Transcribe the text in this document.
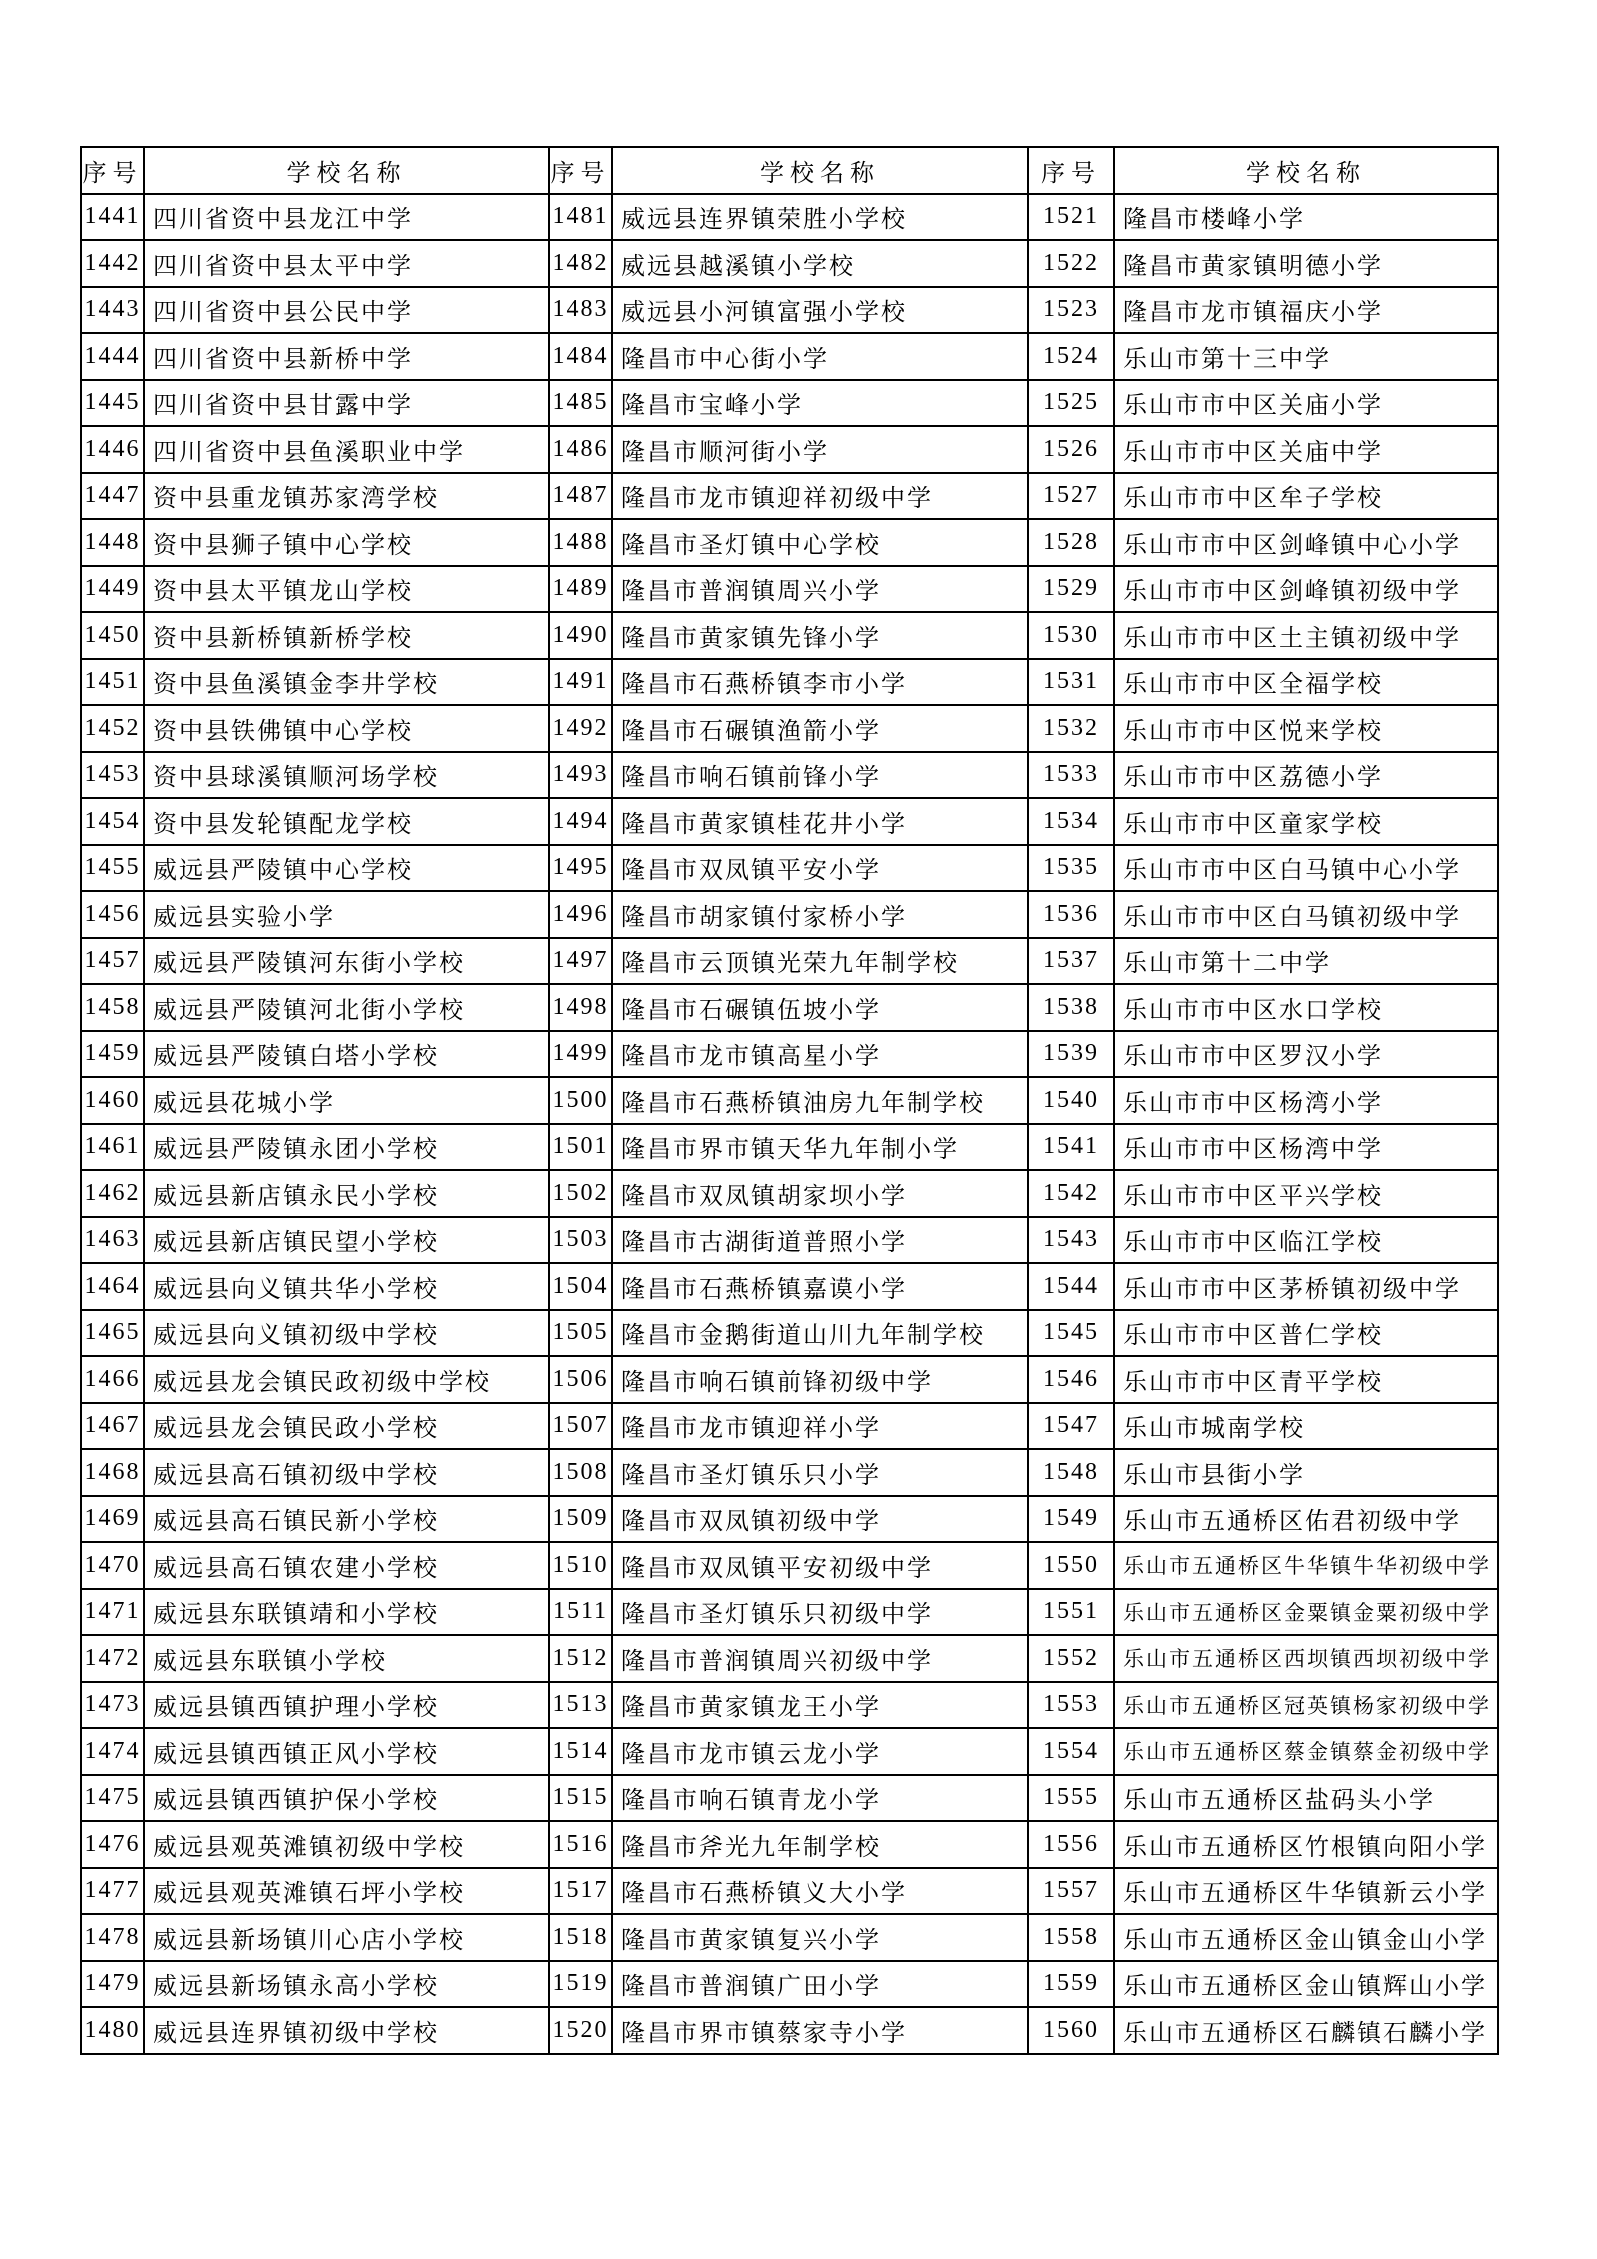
序号	学校名称	序号	学校名称	序号	学校名称
1441	四川省资中县龙江中学	1481	威远县连界镇荣胜小学校	1521	隆昌市楼峰小学
1442	四川省资中县太平中学	1482	威远县越溪镇小学校	1522	隆昌市黄家镇明德小学
1443	四川省资中县公民中学	1483	威远县小河镇富强小学校	1523	隆昌市龙市镇福庆小学
1444	四川省资中县新桥中学	1484	隆昌市中心街小学	1524	乐山市第十三中学
1445	四川省资中县甘露中学	1485	隆昌市宝峰小学	1525	乐山市市中区关庙小学
1446	四川省资中县鱼溪职业中学	1486	隆昌市顺河街小学	1526	乐山市市中区关庙中学
1447	资中县重龙镇苏家湾学校	1487	隆昌市龙市镇迎祥初级中学	1527	乐山市市中区牟子学校
1448	资中县狮子镇中心学校	1488	隆昌市圣灯镇中心学校	1528	乐山市市中区剑峰镇中心小学
1449	资中县太平镇龙山学校	1489	隆昌市普润镇周兴小学	1529	乐山市市中区剑峰镇初级中学
1450	资中县新桥镇新桥学校	1490	隆昌市黄家镇先锋小学	1530	乐山市市中区土主镇初级中学
1451	资中县鱼溪镇金李井学校	1491	隆昌市石燕桥镇李市小学	1531	乐山市市中区全福学校
1452	资中县铁佛镇中心学校	1492	隆昌市石碾镇渔箭小学	1532	乐山市市中区悦来学校
1453	资中县球溪镇顺河场学校	1493	隆昌市响石镇前锋小学	1533	乐山市市中区荔德小学
1454	资中县发轮镇配龙学校	1494	隆昌市黄家镇桂花井小学	1534	乐山市市中区童家学校
1455	威远县严陵镇中心学校	1495	隆昌市双凤镇平安小学	1535	乐山市市中区白马镇中心小学
1456	威远县实验小学	1496	隆昌市胡家镇付家桥小学	1536	乐山市市中区白马镇初级中学
1457	威远县严陵镇河东街小学校	1497	隆昌市云顶镇光荣九年制学校	1537	乐山市第十二中学
1458	威远县严陵镇河北街小学校	1498	隆昌市石碾镇伍坡小学	1538	乐山市市中区水口学校
1459	威远县严陵镇白塔小学校	1499	隆昌市龙市镇高星小学	1539	乐山市市中区罗汉小学
1460	威远县花城小学	1500	隆昌市石燕桥镇油房九年制学校	1540	乐山市市中区杨湾小学
1461	威远县严陵镇永团小学校	1501	隆昌市界市镇天华九年制小学	1541	乐山市市中区杨湾中学
1462	威远县新店镇永民小学校	1502	隆昌市双凤镇胡家坝小学	1542	乐山市市中区平兴学校
1463	威远县新店镇民望小学校	1503	隆昌市古湖街道普照小学	1543	乐山市市中区临江学校
1464	威远县向义镇共华小学校	1504	隆昌市石燕桥镇嘉谟小学	1544	乐山市市中区茅桥镇初级中学
1465	威远县向义镇初级中学校	1505	隆昌市金鹅街道山川九年制学校	1545	乐山市市中区普仁学校
1466	威远县龙会镇民政初级中学校	1506	隆昌市响石镇前锋初级中学	1546	乐山市市中区青平学校
1467	威远县龙会镇民政小学校	1507	隆昌市龙市镇迎祥小学	1547	乐山市城南学校
1468	威远县高石镇初级中学校	1508	隆昌市圣灯镇乐只小学	1548	乐山市县街小学
1469	威远县高石镇民新小学校	1509	隆昌市双凤镇初级中学	1549	乐山市五通桥区佑君初级中学
1470	威远县高石镇农建小学校	1510	隆昌市双凤镇平安初级中学	1550	乐山市五通桥区牛华镇牛华初级中学
1471	威远县东联镇靖和小学校	1511	隆昌市圣灯镇乐只初级中学	1551	乐山市五通桥区金粟镇金粟初级中学
1472	威远县东联镇小学校	1512	隆昌市普润镇周兴初级中学	1552	乐山市五通桥区西坝镇西坝初级中学
1473	威远县镇西镇护理小学校	1513	隆昌市黄家镇龙王小学	1553	乐山市五通桥区冠英镇杨家初级中学
1474	威远县镇西镇正风小学校	1514	隆昌市龙市镇云龙小学	1554	乐山市五通桥区蔡金镇蔡金初级中学
1475	威远县镇西镇护保小学校	1515	隆昌市响石镇青龙小学	1555	乐山市五通桥区盐码头小学
1476	威远县观英滩镇初级中学校	1516	隆昌市斧光九年制学校	1556	乐山市五通桥区竹根镇向阳小学
1477	威远县观英滩镇石坪小学校	1517	隆昌市石燕桥镇义大小学	1557	乐山市五通桥区牛华镇新云小学
1478	威远县新场镇川心店小学校	1518	隆昌市黄家镇复兴小学	1558	乐山市五通桥区金山镇金山小学
1479	威远县新场镇永高小学校	1519	隆昌市普润镇广田小学	1559	乐山市五通桥区金山镇辉山小学
1480	威远县连界镇初级中学校	1520	隆昌市界市镇蔡家寺小学	1560	乐山市五通桥区石麟镇石麟小学
